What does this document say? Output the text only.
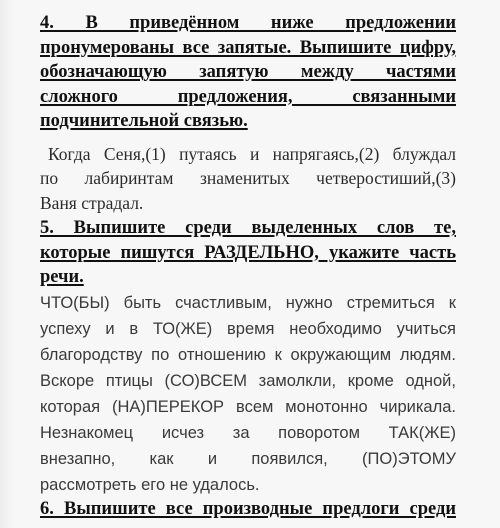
4. В приведённом ниже предложении
пронумерованы все запятые. Выпишите цифру,
обозначающую запятую между частями
сложного предложения, связанными
подчинительной связью.
Когда Сеня,(1) путаясь и напрягаясь,(2) блуждал
по лабиринтам знаменитых четверостиший,(3)
Ваня страдал.
5. Выпишите среди выделенных слов те,
которые пишутся РАЗДЕЛЬНО, укажите часть
речи.
ЧТО(БЫ) быть счастливым, нужно стремиться к
успеху и в ТО(ЖЕ) время необходимо учиться
благородству по отношению к окружающим людям.
Вскоре птицы (СО)ВСЕМ замолкли, кроме одной,
которая (НА)ПЕРЕКОР всем монотонно чирикала.
Незнакомец исчез за поворотом ТАК(ЖЕ)
внезапно, как и появился, (ПО)ЭТОМУ
рассмотреть его не удалось.
6. Выпишите все производные предлоги среди
